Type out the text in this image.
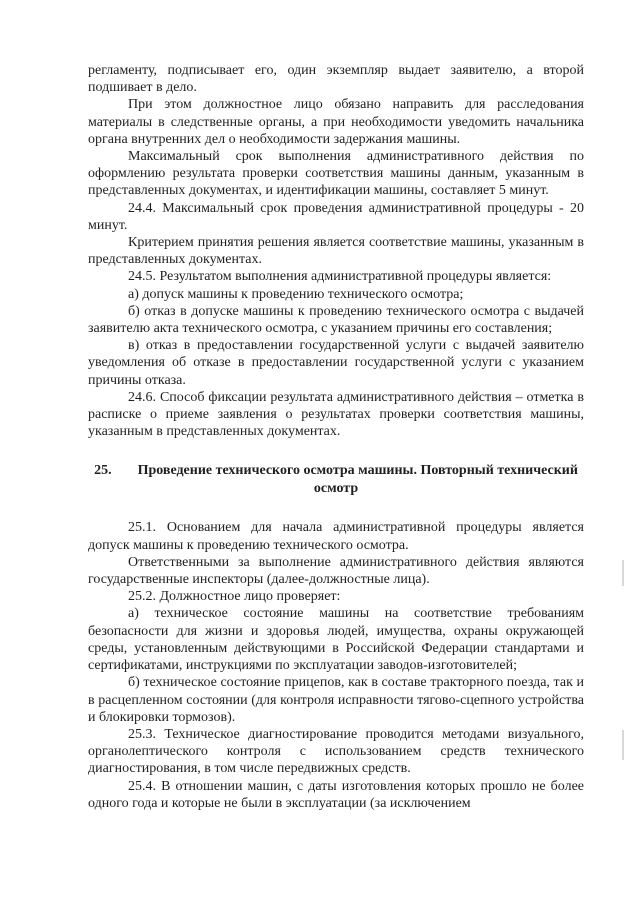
регламенту, подписывает его, один экземпляр выдает заявителю, а второй подшивает в дело.

При этом должностное лицо обязано направить для расследования материалы в следственные органы, а при необходимости уведомить начальника органа внутренних дел о необходимости задержания машины.

Максимальный срок выполнения административного действия по оформлению результата проверки соответствия машины данным, указанным в представленных документах, и идентификации машины, составляет 5 минут.

24.4. Максимальный срок проведения административной процедуры - 20 минут.

Критерием принятия решения является соответствие машины, указанным в представленных документах.

24.5. Результатом выполнения административной процедуры является:

а) допуск машины к проведению технического осмотра;

б) отказ в допуске машины к проведению технического осмотра с выдачей заявителю акта технического осмотра, с указанием причины его составления;

в) отказ в предоставлении государственной услуги с выдачей заявителю уведомления об отказе в предоставлении государственной услуги с указанием причины отказа.

24.6. Способ фиксации результата административного действия – отметка в расписке о приеме заявления о результатах проверки соответствия машины, указанным в представленных документах.

25. Проведение технического осмотра машины. Повторный технический осмотр

25.1. Основанием для начала административной процедуры является допуск машины к проведению технического осмотра.

Ответственными за выполнение административного действия являются государственные инспекторы (далее-должностные лица).

25.2. Должностное лицо проверяет:

а) техническое состояние машины на соответствие требованиям безопасности для жизни и здоровья людей, имущества, охраны окружающей среды, установленным действующими в Российской Федерации стандартами и сертификатами, инструкциями по эксплуатации заводов-изготовителей;

б) техническое состояние прицепов, как в составе тракторного поезда, так и в расцепленном состоянии (для контроля исправности тягово-сцепного устройства и блокировки тормозов).

25.3. Техническое диагностирование проводится методами визуального, органолептического контроля с использованием средств технического диагностирования, в том числе передвижных средств.

25.4. В отношении машин, с даты изготовления которых прошло не более одного года и которые не были в эксплуатации (за исключением
